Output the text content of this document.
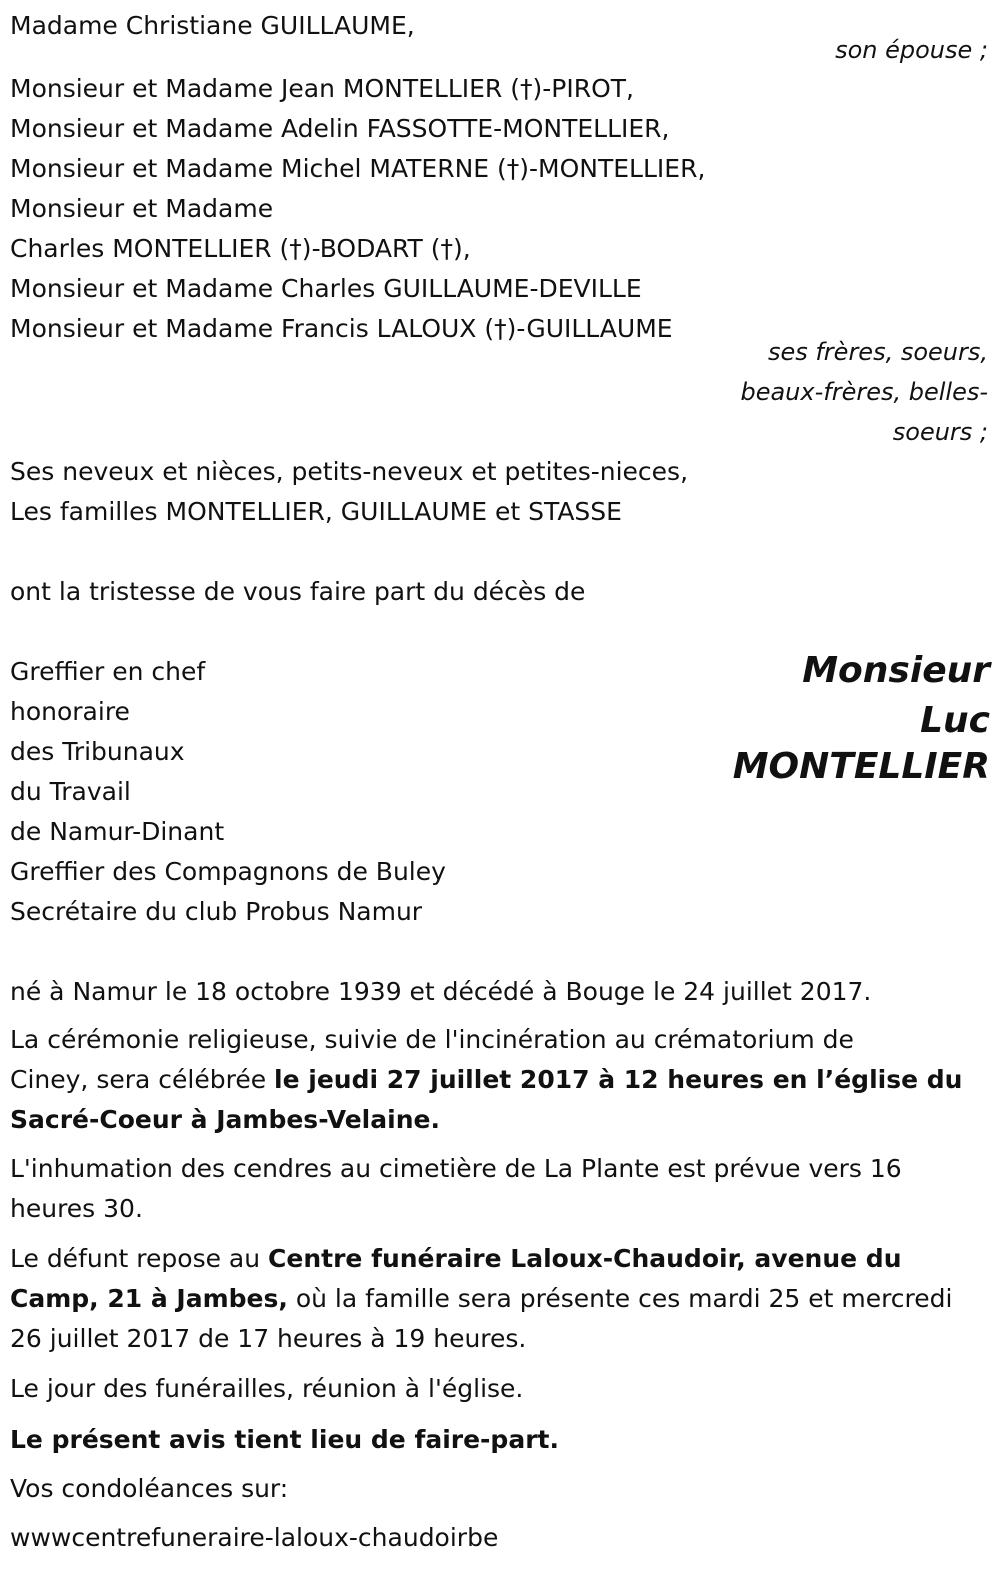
Madame Christiane GUILLAUME,
son épouse ;
Monsieur et Madame Jean MONTELLIER (†)-PIROT,
Monsieur et Madame Adelin FASSOTTE-MONTELLIER,
Monsieur et Madame Michel MATERNE (†)-MONTELLIER,
Monsieur et Madame
Charles MONTELLIER (†)-BODART (†),
Monsieur et Madame Charles GUILLAUME-DEVILLE
Monsieur et Madame Francis LALOUX (†)-GUILLAUME
ses frères, soeurs,
beaux-frères, belles-
soeurs ;
Ses neveux et nièces, petits-neveux et petites-nieces,
Les familles MONTELLIER, GUILLAUME et STASSE
ont la tristesse de vous faire part du décès de
Greffier en chef
honoraire
des Tribunaux
du Travail
de Namur-Dinant
Greffier des Compagnons de Buley
Secrétaire du club Probus Namur
Monsieur
Luc
MONTELLIER
né à Namur le 18 octobre 1939 et décédé à Bouge le 24 juillet 2017.
La cérémonie religieuse, suivie de l'incinération au crématorium de
Ciney, sera célébrée le jeudi 27 juillet 2017 à 12 heures en l’église du
Sacré-Coeur à Jambes-Velaine.
L'inhumation des cendres au cimetière de La Plante est prévue vers 16
heures 30.
Le défunt repose au Centre funéraire Laloux-Chaudoir, avenue du
Camp, 21 à Jambes, où la famille sera présente ces mardi 25 et mercredi
26 juillet 2017 de 17 heures à 19 heures.
Le jour des funérailles, réunion à l'église.
Le présent avis tient lieu de faire-part.
Vos condoléances sur:
wwwcentrefuneraire-laloux-chaudoirbe
